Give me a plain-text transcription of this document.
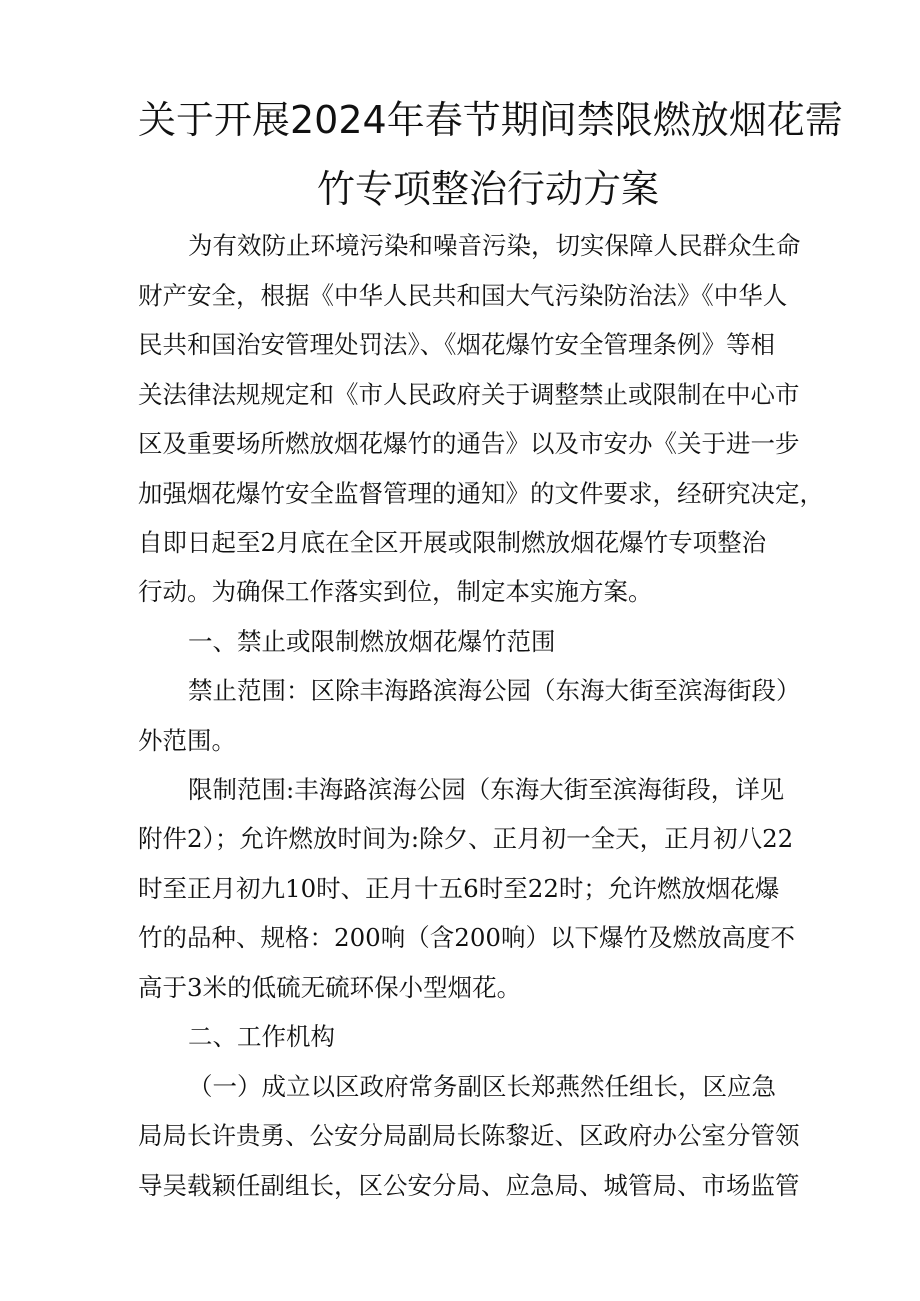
关于开展2024年春节期间禁限燃放烟花需
竹专项整治行动方案
为有效防止环境污染和噪音污染，切实保障人民群众生命
财产安全，根据《中华人民共和国大气污染防治法》《中华人
民共和国治安管理处罚法》、《烟花爆竹安全管理条例》等相
关法律法规规定和《市人民政府关于调整禁止或限制在中心市
区及重要场所燃放烟花爆竹的通告》以及市安办《关于进一步
加强烟花爆竹安全监督管理的通知》的文件要求，经研究决定，
自即日起至2月底在全区开展或限制燃放烟花爆竹专项整治
行动。为确保工作落实到位，制定本实施方案。
一、禁止或限制燃放烟花爆竹范围
禁止范围：区除丰海路滨海公园（东海大街至滨海街段）
外范围。
限制范围:丰海路滨海公园（东海大街至滨海街段，详见
附件2）；允许燃放时间为:除夕、正月初一全天，正月初八22
时至正月初九10时、正月十五6时至22时；允许燃放烟花爆
竹的品种、规格：200响（含200响）以下爆竹及燃放高度不
高于3米的低硫无硫环保小型烟花。
二、工作机构
（一）成立以区政府常务副区长郑燕然任组长，区应急
局局长许贵勇、公安分局副局长陈黎近、区政府办公室分管领
导吴载颖任副组长，区公安分局、应急局、城管局、市场监管
